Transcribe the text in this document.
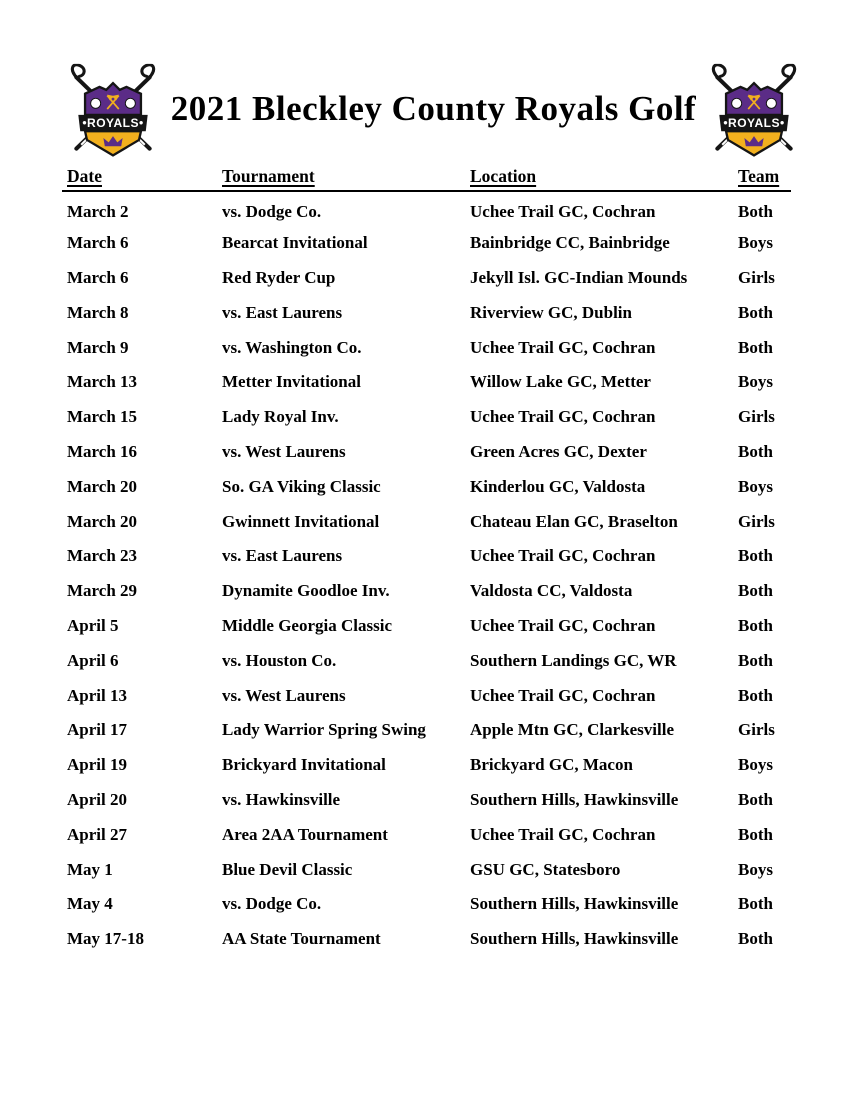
2021 Bleckley County Royals Golf
Date	Tournament	Location	Team
March 2	vs. Dodge Co.	Uchee Trail GC, Cochran	Both
March 6	Bearcat Invitational	Bainbridge CC, Bainbridge	Boys
March 6	Red Ryder Cup	Jekyll Isl. GC-Indian Mounds	Girls
March 8	vs. East Laurens	Riverview GC, Dublin	Both
March 9	vs. Washington Co.	Uchee Trail GC, Cochran	Both
March 13	Metter Invitational	Willow Lake GC, Metter	Boys
March 15	Lady Royal Inv.	Uchee Trail GC, Cochran	Girls
March 16	vs. West Laurens	Green Acres GC, Dexter	Both
March 20	So. GA Viking Classic	Kinderlou GC, Valdosta	Boys
March 20	Gwinnett Invitational	Chateau Elan GC, Braselton	Girls
March 23	vs. East Laurens	Uchee Trail GC, Cochran	Both
March 29	Dynamite Goodloe Inv.	Valdosta CC, Valdosta	Both
April 5	Middle Georgia Classic	Uchee Trail GC, Cochran	Both
April 6	vs. Houston Co.	Southern Landings GC, WR	Both
April 13	vs. West Laurens	Uchee Trail GC, Cochran	Both
April 17	Lady Warrior Spring Swing	Apple Mtn GC, Clarkesville	Girls
April 19	Brickyard Invitational	Brickyard GC, Macon	Boys
April 20	vs. Hawkinsville	Southern Hills, Hawkinsville	Both
April 27	Area 2AA Tournament	Uchee Trail GC, Cochran	Both
May 1	Blue Devil Classic	GSU GC, Statesboro	Boys
May 4	vs. Dodge Co.	Southern Hills, Hawkinsville	Both
May 17-18	AA State Tournament	Southern Hills, Hawkinsville	Both
